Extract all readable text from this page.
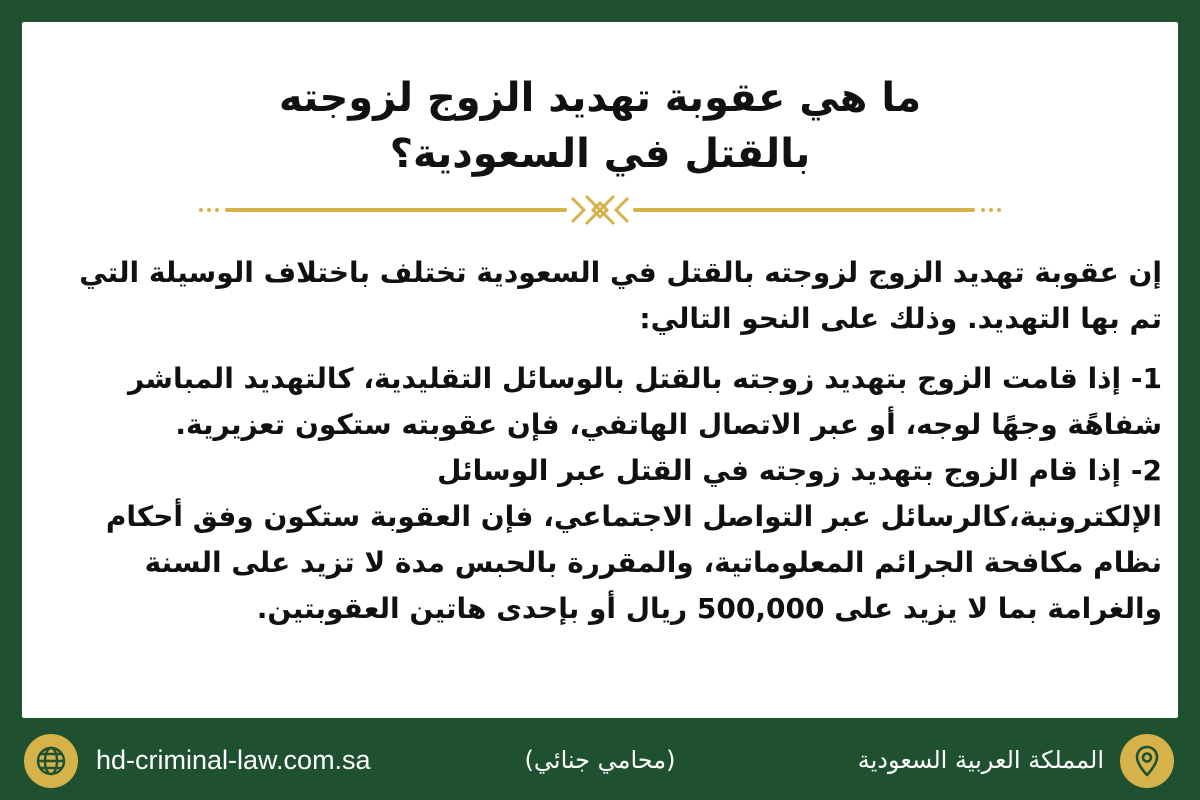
ما هي عقوبة تهديد الزوج لزوجته
بالقتل في السعودية؟

إن عقوبة تهديد الزوج لزوجته بالقتل في السعودية تختلف باختلاف الوسيلة التي تم بها التهديد. وذلك على النحو التالي:

1- إذا قامت الزوج بتهديد زوجته بالقتل بالوسائل التقليدية، كالتهديد المباشر شفاهًة وجهًا لوجه، أو عبر الاتصال الهاتفي، فإن عقوبته ستكون تعزيرية.

2- إذا قام الزوج بتهديد زوجته في القتل عبر الوسائل

الإلكترونية،كالرسائل عبر التواصل الاجتماعي، فإن العقوبة ستكون وفق أحكام نظام مكافحة الجرائم المعلوماتية، والمقررة بالحبس مدة لا تزيد على السنة والغرامة بما لا يزيد على 500,000 ريال أو بإحدى هاتين العقوبتين.

hd-criminal-law.com.sa	(محامي جنائي)	المملكة العربية السعودية
